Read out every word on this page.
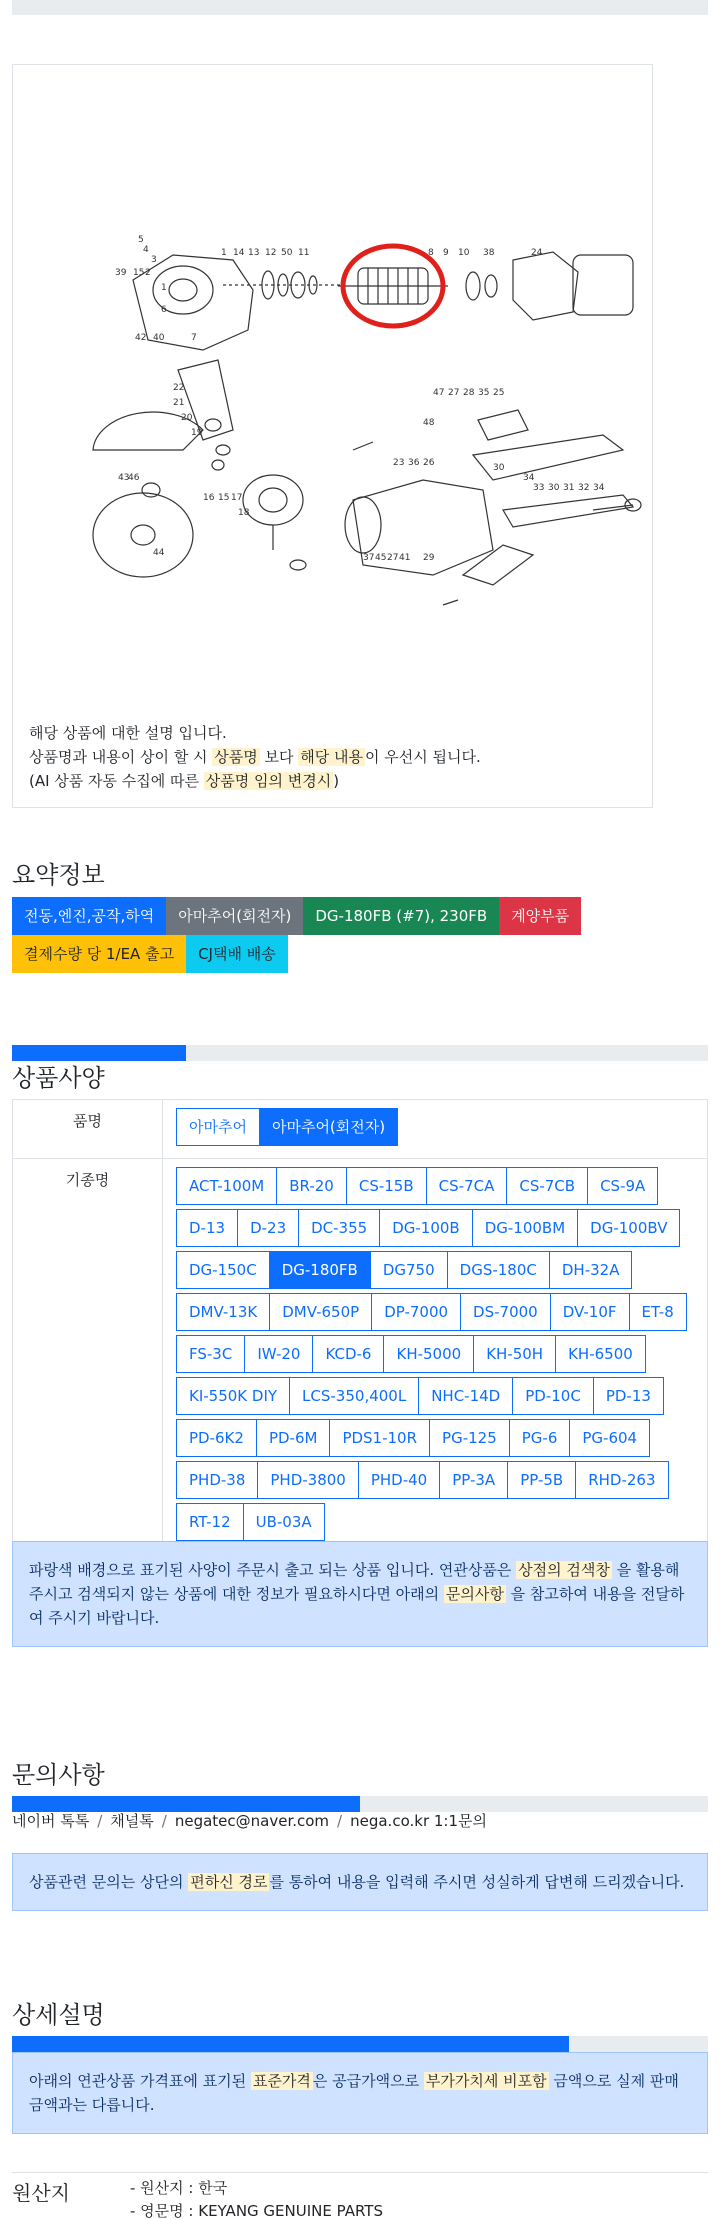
5
4
3
39 15 2
1
6
1 14 13 12 50 11	8 9 10 38	24
42 40	7
22
21
20
19
43
46
16 15 17
18
44
47 27 28 35 25
48
23 36 26	30
34
33 30 31 32 34
37 45 27 41 29
해당 상품에 대한 설명 입니다.
상품명과 내용이 상이 할 시 상품명 보다 해당 내용 이 우선시 됩니다.
(AI 상품 자동 수집에 따른 상품명 임의 변경시 )
요약정보
전동,엔진,공작,하역	아마추어(회전자)	DG-180FB (#7), 230FB	계양부품
결제수량 당 1/EA 출고	CJ택배 배송
상품사양
품명	아마추어	아마추어(회전자)
기종명	ACT-100M	BR-20	CS-15B	CS-7CA	CS-7CB	CS-9A
D-13	D-23	DC-355	DG-100B	DG-100BM	DG-100BV
DG-150C	DG-180FB	DG750	DGS-180C	DH-32A
DMV-13K	DMV-650P	DP-7000	DS-7000	DV-10F	ET-8
FS-3C	IW-20	KCD-6	KH-5000	KH-50H	KH-6500
KI-550K DIY	LCS-350,400L	NHC-14D	PD-10C	PD-13
PD-6K2	PD-6M	PDS1-10R	PG-125	PG-6	PG-604
PHD-38	PHD-3800	PHD-40	PP-3A	PP-5B	RHD-263
RT-12	UB-03A
파랑색 배경으로 표기된 사양이 주문시 출고 되는 상품 입니다. 연관상품은 상점의 검색창 을 활용해 주시고 검색되지 않는 상품에 대한 정보가 필요하시다면 아래의 문의사항 을 참고하여 내용을 전달하여 주시기 바랍니다.
문의사항
네이버 톡톡 / 채널톡 / negatec@naver.com / nega.co.kr 1:1문의
상품관련 문의는 상단의 편하신 경로 를 통하여 내용을 입력해 주시면 성실하게 답변해 드리겠습니다.
상세설명
아래의 연관상품 가격표에 표기된 표준가격 은 공급가액으로 부가가치세 비포함 금액으로 실제 판매금액과는 다릅니다.
원산지	- 원산지 : 한국
- 영문명 : KEYANG GENUINE PARTS
